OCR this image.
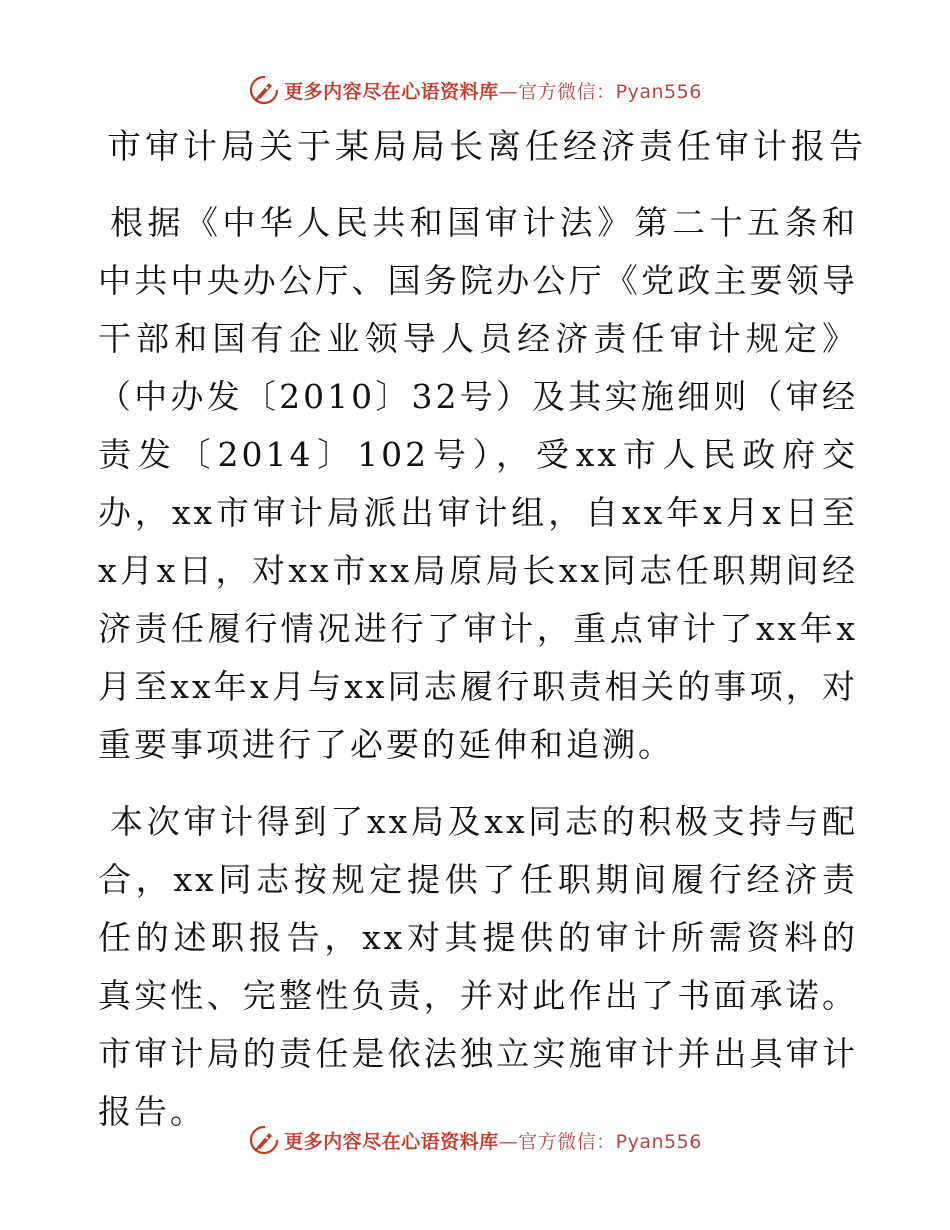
更多内容尽在心语资料库—官方微信：Pyan556
市审计局关于某局局长离任经济责任审计报告

根据《中华人民共和国审计法》第二十五条和中共中央办公厅、国务院办公厅《党政主要领导干部和国有企业领导人员经济责任审计规定》（中办发〔2010〕32号）及其实施细则（审经责发〔2014〕102号），受xx市人民政府交办，xx市审计局派出审计组，自xx年x月x日至x月x日，对xx市xx局原局长xx同志任职期间经济责任履行情况进行了审计，重点审计了xx年x月至xx年x月与xx同志履行职责相关的事项，对重要事项进行了必要的延伸和追溯。

本次审计得到了xx局及xx同志的积极支持与配合，xx同志按规定提供了任职期间履行经济责任的述职报告，xx对其提供的审计所需资料的真实性、完整性负责，并对此作出了书面承诺。市审计局的责任是依法独立实施审计并出具审计报告。

更多内容尽在心语资料库—官方微信：Pyan556
